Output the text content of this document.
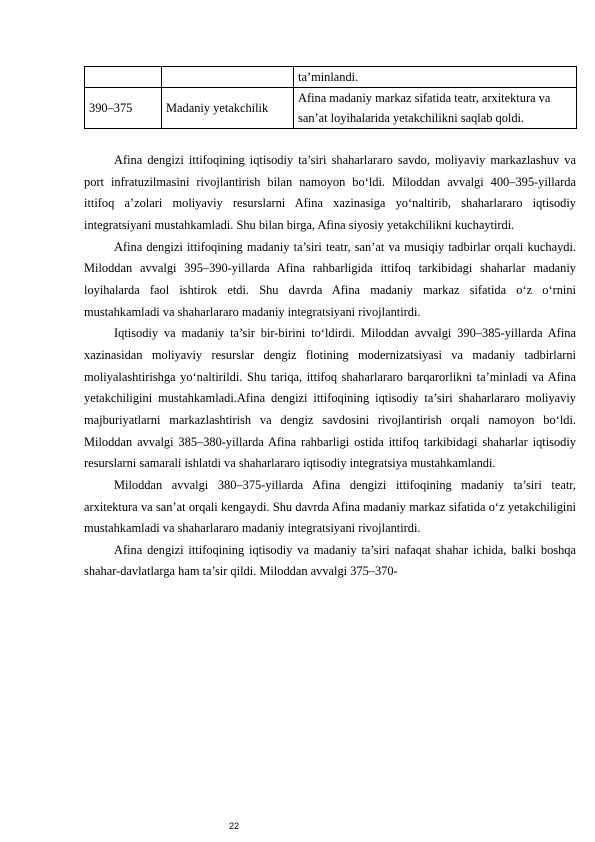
		ta’minlandi.
390–375	Madaniy yetakchilik	Afina madaniy markaz sifatida teatr, arxitektura va san’at loyihalarida yetakchilikni saqlab qoldi.

Afina dengizi ittifoqining iqtisodiy ta’siri shaharlararo savdo, moliyaviy markazlashuv va port infratuzilmasini rivojlantirish bilan namoyon bo‘ldi. Miloddan avvalgi 400–395-yillarda ittifoq a’zolari moliyaviy resurslarni Afina xazinasiga yo‘naltirib, shaharlararo iqtisodiy integratsiyani mustahkamladi. Shu bilan birga, Afina siyosiy yetakchilikni kuchaytirdi.

Afina dengizi ittifoqining madaniy ta’siri teatr, san’at va musiqiy tadbirlar orqali kuchaydi. Miloddan avvalgi 395–390-yillarda Afina rahbarligida ittifoq tarkibidagi shaharlar madaniy loyihalarda faol ishtirok etdi. Shu davrda Afina madaniy markaz sifatida o‘z o‘rnini mustahkamladi va shaharlararo madaniy integratsiyani rivojlantirdi.

Iqtisodiy va madaniy ta’sir bir-birini to‘ldirdi. Miloddan avvalgi 390–385-yillarda Afina xazinasidan moliyaviy resurslar dengiz flotining modernizatsiyasi va madaniy tadbirlarni moliyalashtirishga yo‘naltirildi. Shu tariqa, ittifoq shaharlararo barqarorlikni ta’minladi va Afina yetakchiligini mustahkamladi.Afina dengizi ittifoqining iqtisodiy ta’siri shaharlararo moliyaviy majburiyatlarni markazlashtirish va dengiz savdosini rivojlantirish orqali namoyon bo‘ldi. Miloddan avvalgi 385–380-yillarda Afina rahbarligi ostida ittifoq tarkibidagi shaharlar iqtisodiy resurslarni samarali ishlatdi va shaharlararo iqtisodiy integratsiya mustahkamlandi.

Miloddan avvalgi 380–375-yillarda Afina dengizi ittifoqining madaniy ta’siri teatr, arxitektura va san’at orqali kengaydi. Shu davrda Afina madaniy markaz sifatida o‘z yetakchiligini mustahkamladi va shaharlararo madaniy integratsiyani rivojlantirdi.

Afina dengizi ittifoqining iqtisodiy va madaniy ta’siri nafaqat shahar ichida, balki boshqa shahar-davlatlarga ham ta’sir qildi. Miloddan avvalgi 375–370-

22
